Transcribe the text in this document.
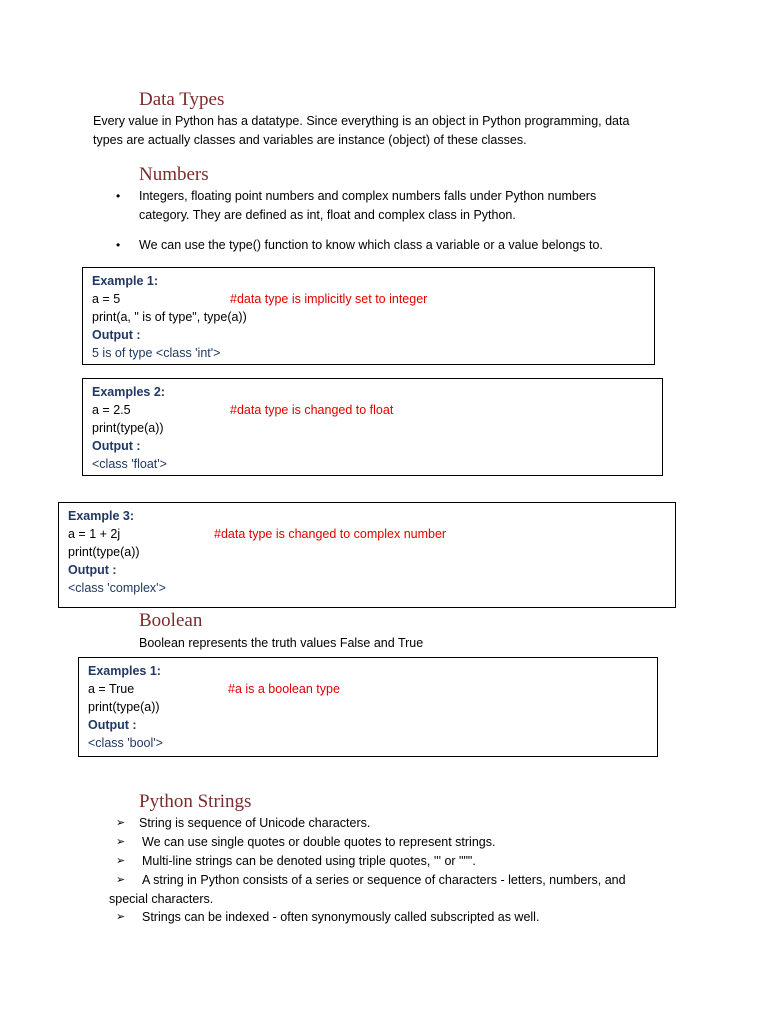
Data Types
Every value in Python has a datatype. Since everything is an object in Python programming, data
types are actually classes and variables are instance (object) of these classes.
Numbers
• Integers, floating point numbers and complex numbers falls under Python numbers
category. They are defined as int, float and complex class in Python.
• We can use the type() function to know which class a variable or a value belongs to.
Example 1:
a = 5	#data type is implicitly set to integer
print(a, " is of type", type(a))
Output :
5 is of type <class 'int'>
Examples 2:
a = 2.5	#data type is changed to float
print(type(a))
Output :
<class 'float'>
Example 3:
a = 1 + 2j	#data type is changed to complex number
print(type(a))
Output :
<class 'complex'>
Boolean
Boolean represents the truth values False and True
Examples 1:
a = True	#a is a boolean type
print(type(a))
Output :
<class 'bool'>
Python Strings
➢ String is sequence of Unicode characters.
➢ We can use single quotes or double quotes to represent strings.
➢ Multi-line strings can be denoted using triple quotes, ''' or """.
➢ A string in Python consists of a series or sequence of characters - letters, numbers, and
special characters.
➢ Strings can be indexed - often synonymously called subscripted as well.
